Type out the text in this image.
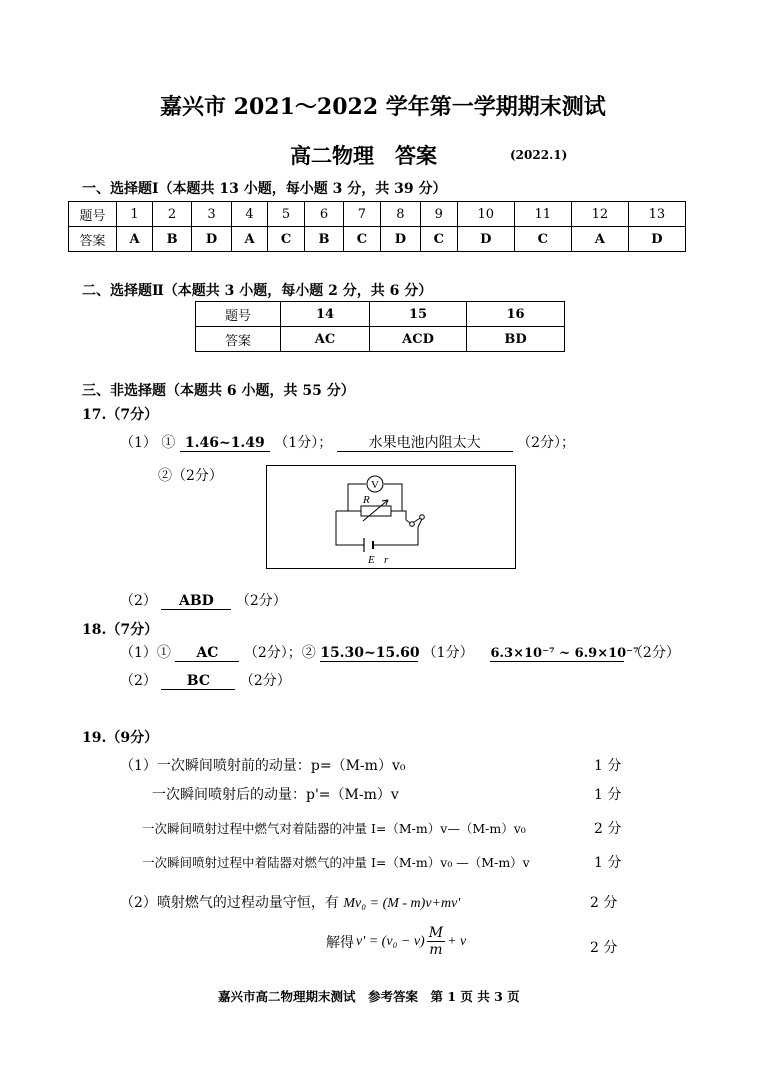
嘉兴市 2021～2022 学年第一学期期末测试
高二物理　答案	(2022.1)
一、选择题Ⅰ（本题共 13 小题，每小题 3 分，共 39 分）
题号	1	2	3	4	5	6	7	8	9	10	11	12	13
答案	A	B	D	A	C	B	C	D	C	D	C	A	D
二、选择题Ⅱ（本题共 3 小题，每小题 2 分，共 6 分）
题号	14	15	16
答案	AC	ACD	BD
三、非选择题（本题共 6 小题，共 55 分）
17.（7分）
（1） ① 1.46~1.49 （1分）；	水果电池内阻太大	（2分）；
②（2分）
V
R
E r
（2） ABD （2分）
18.（7分）
（1）① AC （2分）；② 15.30~15.60 （1分） 6.3×10⁻⁷ ~ 6.9×10⁻⁷ （2分）
（2） BC （2分）
19.（9分）
（1）一次瞬间喷射前的动量：p=（M-m）v₀	1 分
一次瞬间喷射后的动量：p'=（M-m）v	1 分
一次瞬间喷射过程中燃气对着陆器的冲量 I=（M-m）v—（M-m）v₀	2 分
一次瞬间喷射过程中着陆器对燃气的冲量 I=（M-m）v₀ —（M-m）v	1 分
（2）喷射燃气的过程动量守恒，有 Mv₀ = (M - m)v+mv'	2 分
解得 $v' = (v_0 - v) \frac{M}{m} + v$	2 分
嘉兴市高二物理期末测试　参考答案　第 1 页 共 3 页
